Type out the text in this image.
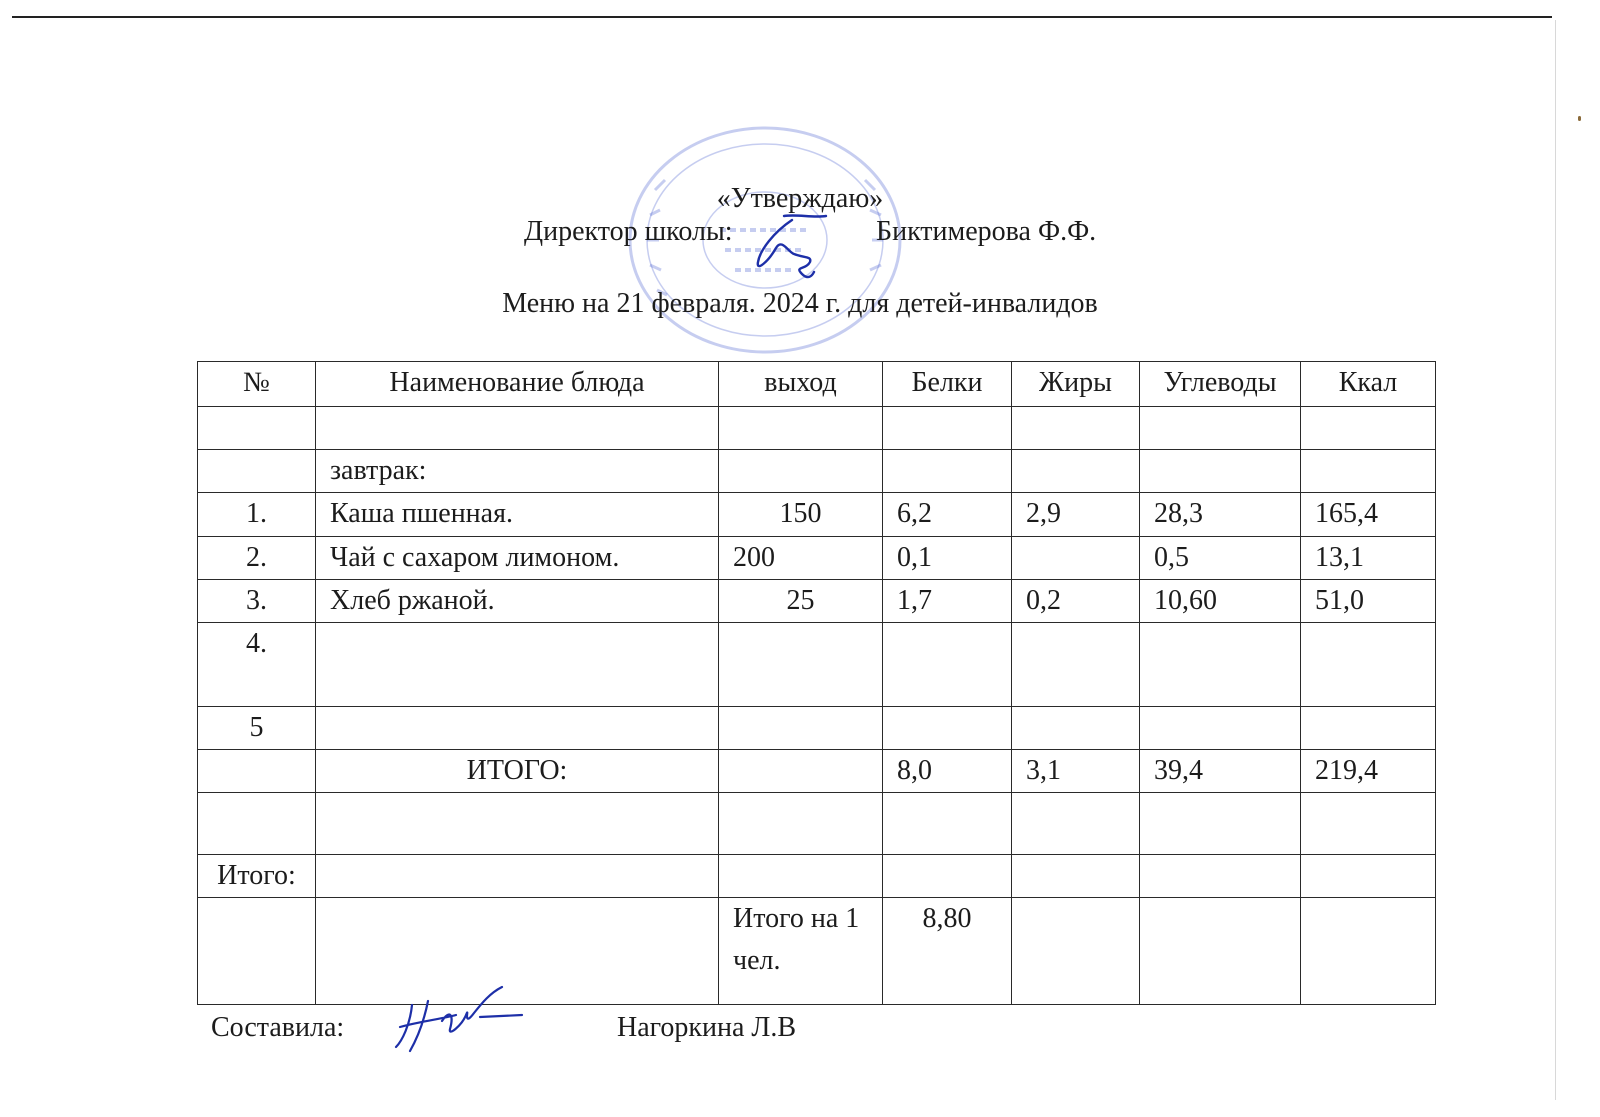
«Утверждаю»
Директор школы:	Биктимерова Ф.Ф.
Меню на 21 февраля. 2024 г. для детей-инвалидов
№	Наименование блюда	выход	Белки	Жиры	Углеводы	Ккал

	завтрак:					
1.	Каша пшенная.	150	6,2	2,9	28,3	165,4
2.	Чай с сахаром лимоном.	200	0,1		0,5	13,1
3.	Хлеб ржаной.	25	1,7	0,2	10,60	51,0
4.						
5						
	ИТОГО:		8,0	3,1	39,4	219,4

Итого:						
		Итого на 1 чел.	8,80			
Составила:	Нагоркина Л.В
